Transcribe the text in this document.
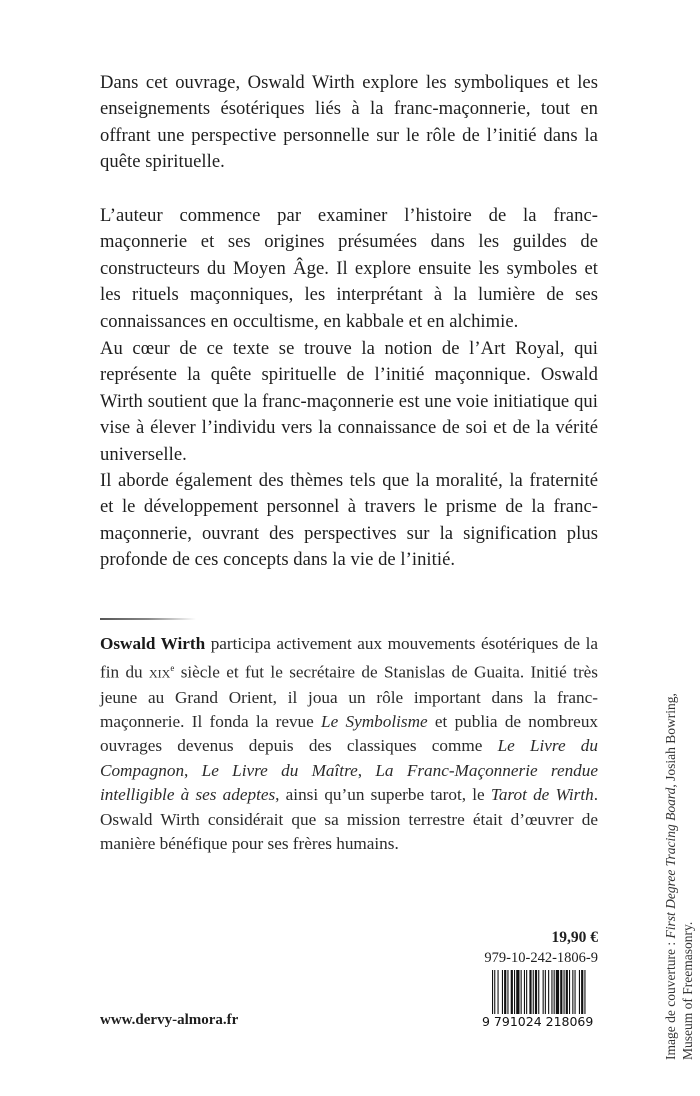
Dans cet ouvrage, Oswald Wirth explore les symboliques et les enseignements ésotériques liés à la franc-maçonnerie, tout en offrant une perspective personnelle sur le rôle de l’initié dans la quête spirituelle.

L’auteur commence par examiner l’histoire de la franc-maçonnerie et ses origines présumées dans les guildes de constructeurs du Moyen Âge. Il explore ensuite les symboles et les rituels maçonniques, les interprétant à la lumière de ses connaissances en occultisme, en kabbale et en alchimie.

Au cœur de ce texte se trouve la notion de l’Art Royal, qui représente la quête spirituelle de l’initié maçonnique. Oswald Wirth soutient que la franc-maçonnerie est une voie initiatique qui vise à élever l’individu vers la connaissance de soi et de la vérité universelle.

Il aborde également des thèmes tels que la moralité, la fraternité et le développement personnel à travers le prisme de la franc-maçonnerie, ouvrant des perspectives sur la signification plus profonde de ces concepts dans la vie de l’initié.

Oswald Wirth participa activement aux mouvements ésotériques de la fin du xix$^e$ siècle et fut le secrétaire de Stanislas de Guaita. Initié très jeune au Grand Orient, il joua un rôle important dans la franc-maçonnerie. Il fonda la revue Le Symbolisme et publia de nombreux ouvrages devenus depuis des classiques comme Le Livre du Compagnon, Le Livre du Maître, La Franc-Maçonnerie rendue intelligible à ses adeptes, ainsi qu’un superbe tarot, le Tarot de Wirth. Oswald Wirth considérait que sa mission terrestre était d’œuvrer de manière bénéfique pour ses frères humains.

19,90 €
979-10-242-1806-9
9 791024 218069
www.dervy-almora.fr	Image de couverture : First Degree Tracing Board, Josiah Bowring,
Museum of Freemasonry.
